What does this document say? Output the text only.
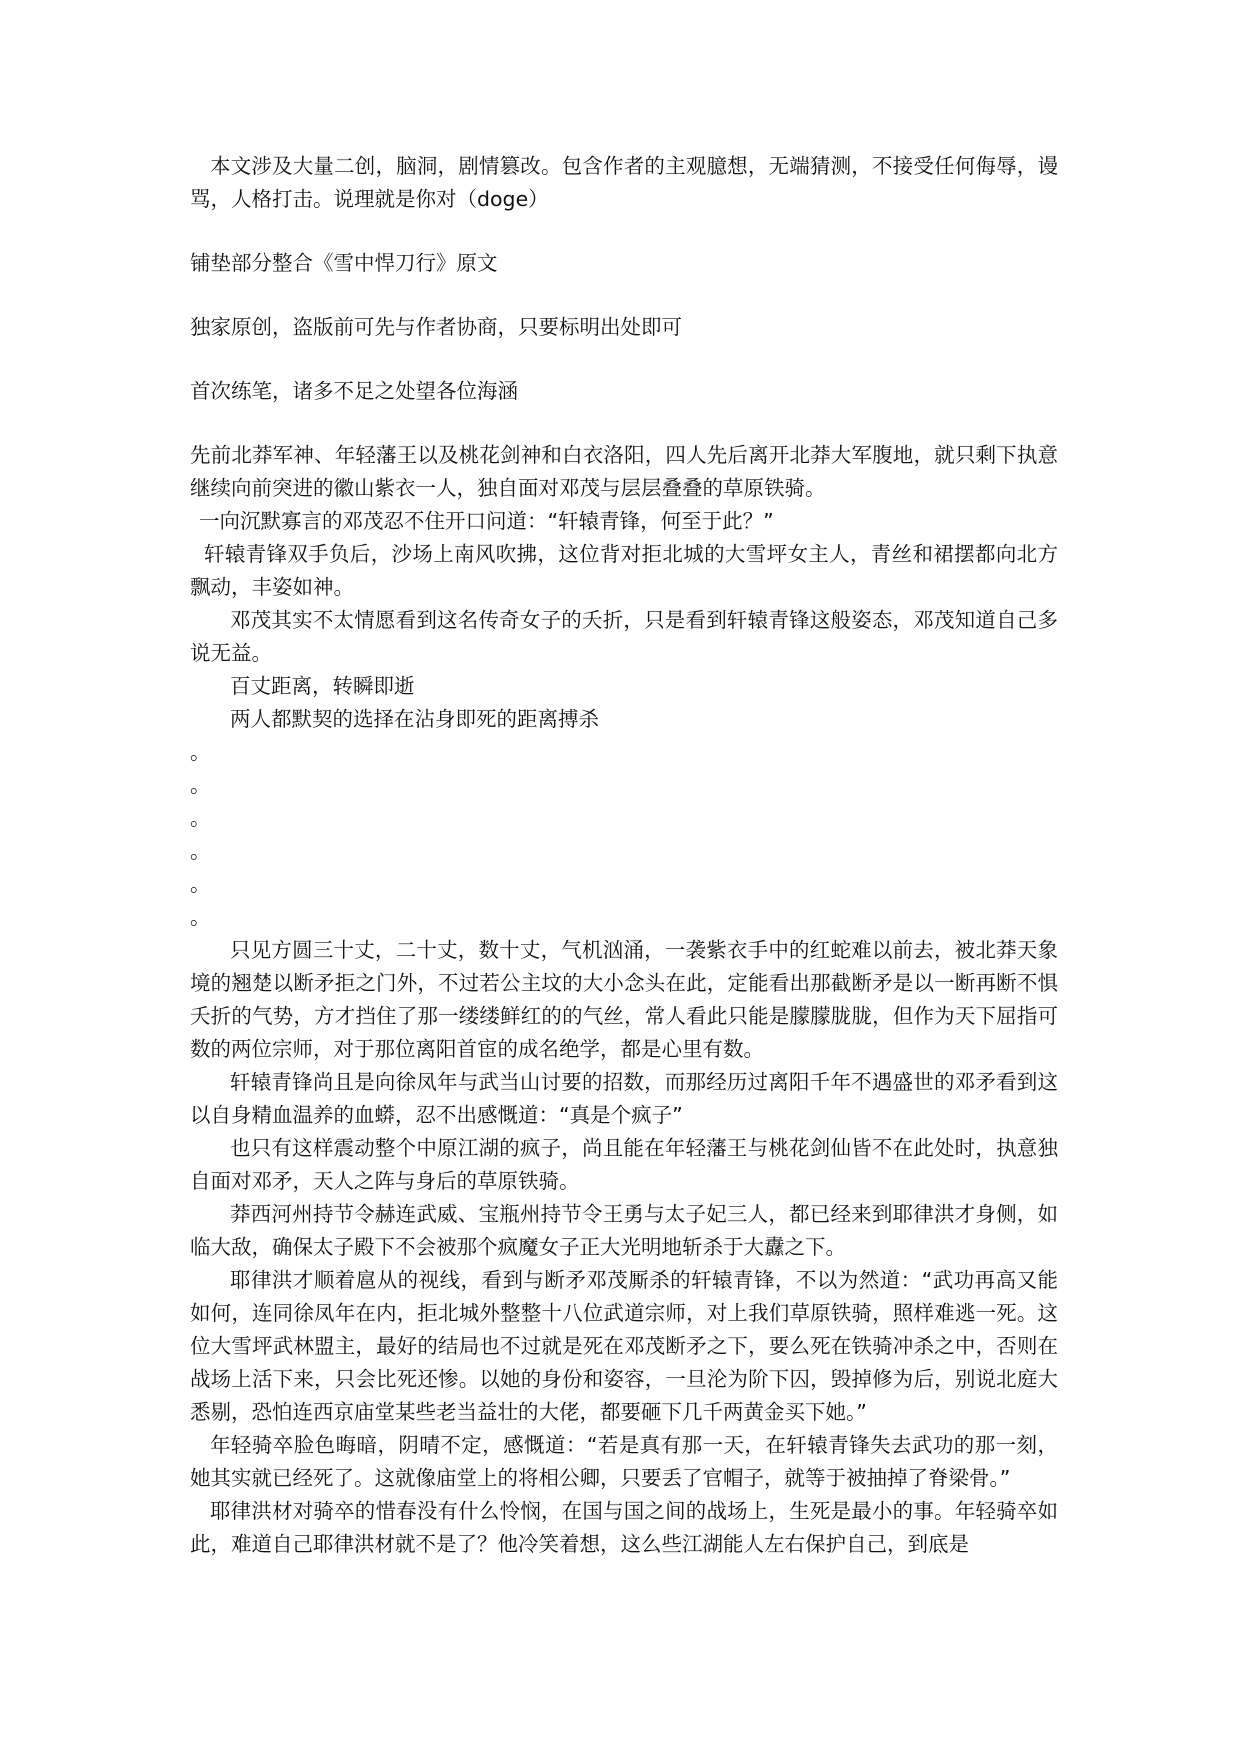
本文涉及大量二创，脑洞，剧情篡改。包含作者的主观臆想，无端猜测，不接受任何侮辱，谩骂，人格打击。说理就是你对（doge）

铺垫部分整合《雪中悍刀行》原文

独家原创，盗版前可先与作者协商，只要标明出处即可

首次练笔，诸多不足之处望各位海涵

先前北莽军神、年轻藩王以及桃花剑神和白衣洛阳，四人先后离开北莽大军腹地，就只剩下执意继续向前突进的徽山紫衣一人，独自面对邓茂与层层叠叠的草原铁骑。

一向沉默寡言的邓茂忍不住开口问道：“轩辕青锋，何至于此？”

轩辕青锋双手负后，沙场上南风吹拂，这位背对拒北城的大雪坪女主人，青丝和裙摆都向北方飘动，丰姿如神。

邓茂其实不太情愿看到这名传奇女子的夭折，只是看到轩辕青锋这般姿态，邓茂知道自己多说无益。

百丈距离，转瞬即逝

两人都默契的选择在沾身即死的距离搏杀

。

。

。

。

。

。

只见方圆三十丈，二十丈，数十丈，气机汹涌，一袭紫衣手中的红蛇难以前去，被北莽天象境的翘楚以断矛拒之门外，不过若公主坟的大小念头在此，定能看出那截断矛是以一断再断不惧夭折的气势，方才挡住了那一缕缕鲜红的的气丝，常人看此只能是朦朦胧胧，但作为天下屈指可数的两位宗师，对于那位离阳首宦的成名绝学，都是心里有数。

轩辕青锋尚且是向徐凤年与武当山讨要的招数，而那经历过离阳千年不遇盛世的邓矛看到这以自身精血温养的血蟒，忍不出感慨道：“真是个疯子”

也只有这样震动整个中原江湖的疯子，尚且能在年轻藩王与桃花剑仙皆不在此处时，执意独自面对邓矛，天人之阵与身后的草原铁骑。

莽西河州持节令赫连武威、宝瓶州持节令王勇与太子妃三人，都已经来到耶律洪才身侧，如临大敌，确保太子殿下不会被那个疯魔女子正大光明地斩杀于大纛之下。

耶律洪才顺着扈从的视线，看到与断矛邓茂厮杀的轩辕青锋，不以为然道：“武功再高又能如何，连同徐凤年在内，拒北城外整整十八位武道宗师，对上我们草原铁骑，照样难逃一死。这位大雪坪武林盟主，最好的结局也不过就是死在邓茂断矛之下，要么死在铁骑冲杀之中，否则在战场上活下来，只会比死还惨。以她的身份和姿容，一旦沦为阶下囚，毁掉修为后，别说北庭大悉剔，恐怕连西京庙堂某些老当益壮的大佬，都要砸下几千两黄金买下她。”

年轻骑卒脸色晦暗，阴晴不定，感慨道：“若是真有那一天，在轩辕青锋失去武功的那一刻，她其实就已经死了。这就像庙堂上的将相公卿，只要丢了官帽子，就等于被抽掉了脊梁骨。”

耶律洪材对骑卒的惜春没有什么怜悯，在国与国之间的战场上，生死是最小的事。年轻骑卒如此，难道自己耶律洪材就不是了？他冷笑着想，这么些江湖能人左右保护自己，到底是
